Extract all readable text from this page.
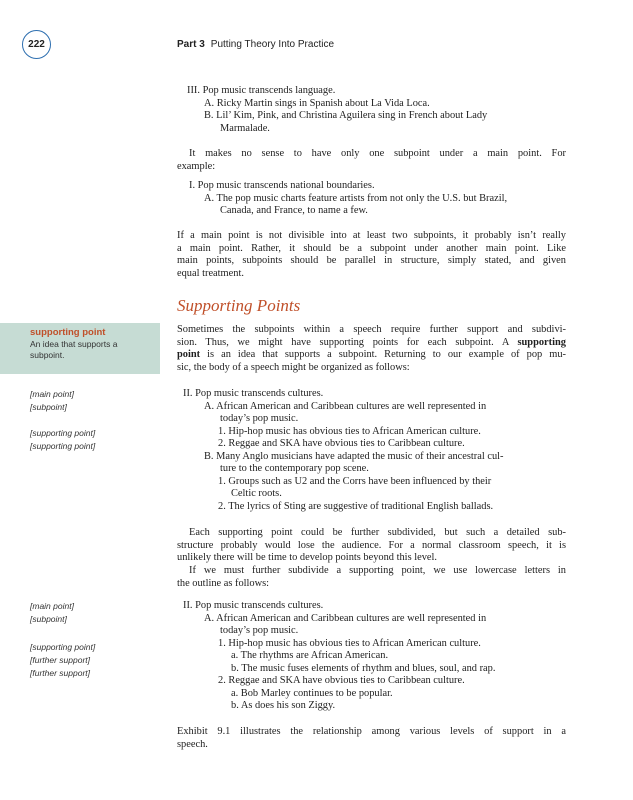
222	Part 3 Putting Theory Into Practice
III. Pop music transcends language.
A. Ricky Martin sings in Spanish about La Vida Loca.
B. Lil’ Kim, Pink, and Christina Aguilera sing in French about Lady
Marmalade.
It makes no sense to have only one subpoint under a main point. For
example:
I. Pop music transcends national boundaries.
A. The pop music charts feature artists from not only the U.S. but Brazil,
Canada, and France, to name a few.
If a main point is not divisible into at least two subpoints, it probably isn’t really
a main point. Rather, it should be a subpoint under another main point. Like
main points, subpoints should be parallel in structure, simply stated, and given
equal treatment.
Supporting Points
supporting point
An idea that supports a
subpoint.
Sometimes the subpoints within a speech require further support and subdivi-
sion. Thus, we might have supporting points for each subpoint. A supporting
point is an idea that supports a subpoint. Returning to our example of pop mu-
sic, the body of a speech might be organized as follows:
[main point]
[subpoint]
[supporting point]
[supporting point]
II. Pop music transcends cultures.
A. African American and Caribbean cultures are well represented in
today’s pop music.
1. Hip-hop music has obvious ties to African American culture.
2. Reggae and SKA have obvious ties to Caribbean culture.
B. Many Anglo musicians have adapted the music of their ancestral cul-
ture to the contemporary pop scene.
1. Groups such as U2 and the Corrs have been influenced by their
Celtic roots.
2. The lyrics of Sting are suggestive of traditional English ballads.
Each supporting point could be further subdivided, but such a detailed sub-
structure probably would lose the audience. For a normal classroom speech, it is
unlikely there will be time to develop points beyond this level.
If we must further subdivide a supporting point, we use lowercase letters in
the outline as follows:
[main point]
[subpoint]
[supporting point]
[further support]
[further support]
II. Pop music transcends cultures.
A. African American and Caribbean cultures are well represented in
today’s pop music.
1. Hip-hop music has obvious ties to African American culture.
a. The rhythms are African American.
b. The music fuses elements of rhythm and blues, soul, and rap.
2. Reggae and SKA have obvious ties to Caribbean culture.
a. Bob Marley continues to be popular.
b. As does his son Ziggy.
Exhibit 9.1 illustrates the relationship among various levels of support in a
speech.
